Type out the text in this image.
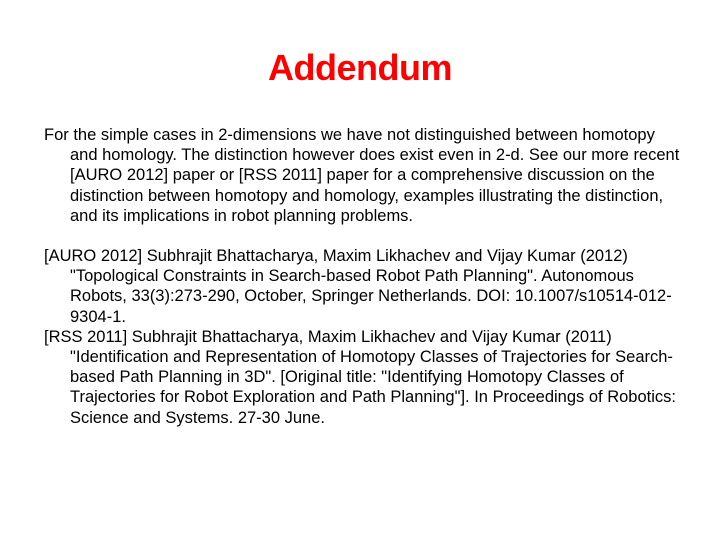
Addendum

For the simple cases in 2-dimensions we have not distinguished between homotopy and homology. The distinction however does exist even in 2-d. See our more recent [AURO 2012] paper or [RSS 2011] paper for a comprehensive discussion on the distinction between homotopy and homology, examples illustrating the distinction, and its implications in robot planning problems.

[AURO 2012] Subhrajit Bhattacharya, Maxim Likhachev and Vijay Kumar (2012) "Topological Constraints in Search-based Robot Path Planning". Autonomous Robots, 33(3):273-290, October, Springer Netherlands. DOI: 10.1007/s10514-012-9304-1.

[RSS 2011] Subhrajit Bhattacharya, Maxim Likhachev and Vijay Kumar (2011) "Identification and Representation of Homotopy Classes of Trajectories for Search-based Path Planning in 3D". [Original title: "Identifying Homotopy Classes of Trajectories for Robot Exploration and Path Planning"]. In Proceedings of Robotics: Science and Systems. 27-30 June.
